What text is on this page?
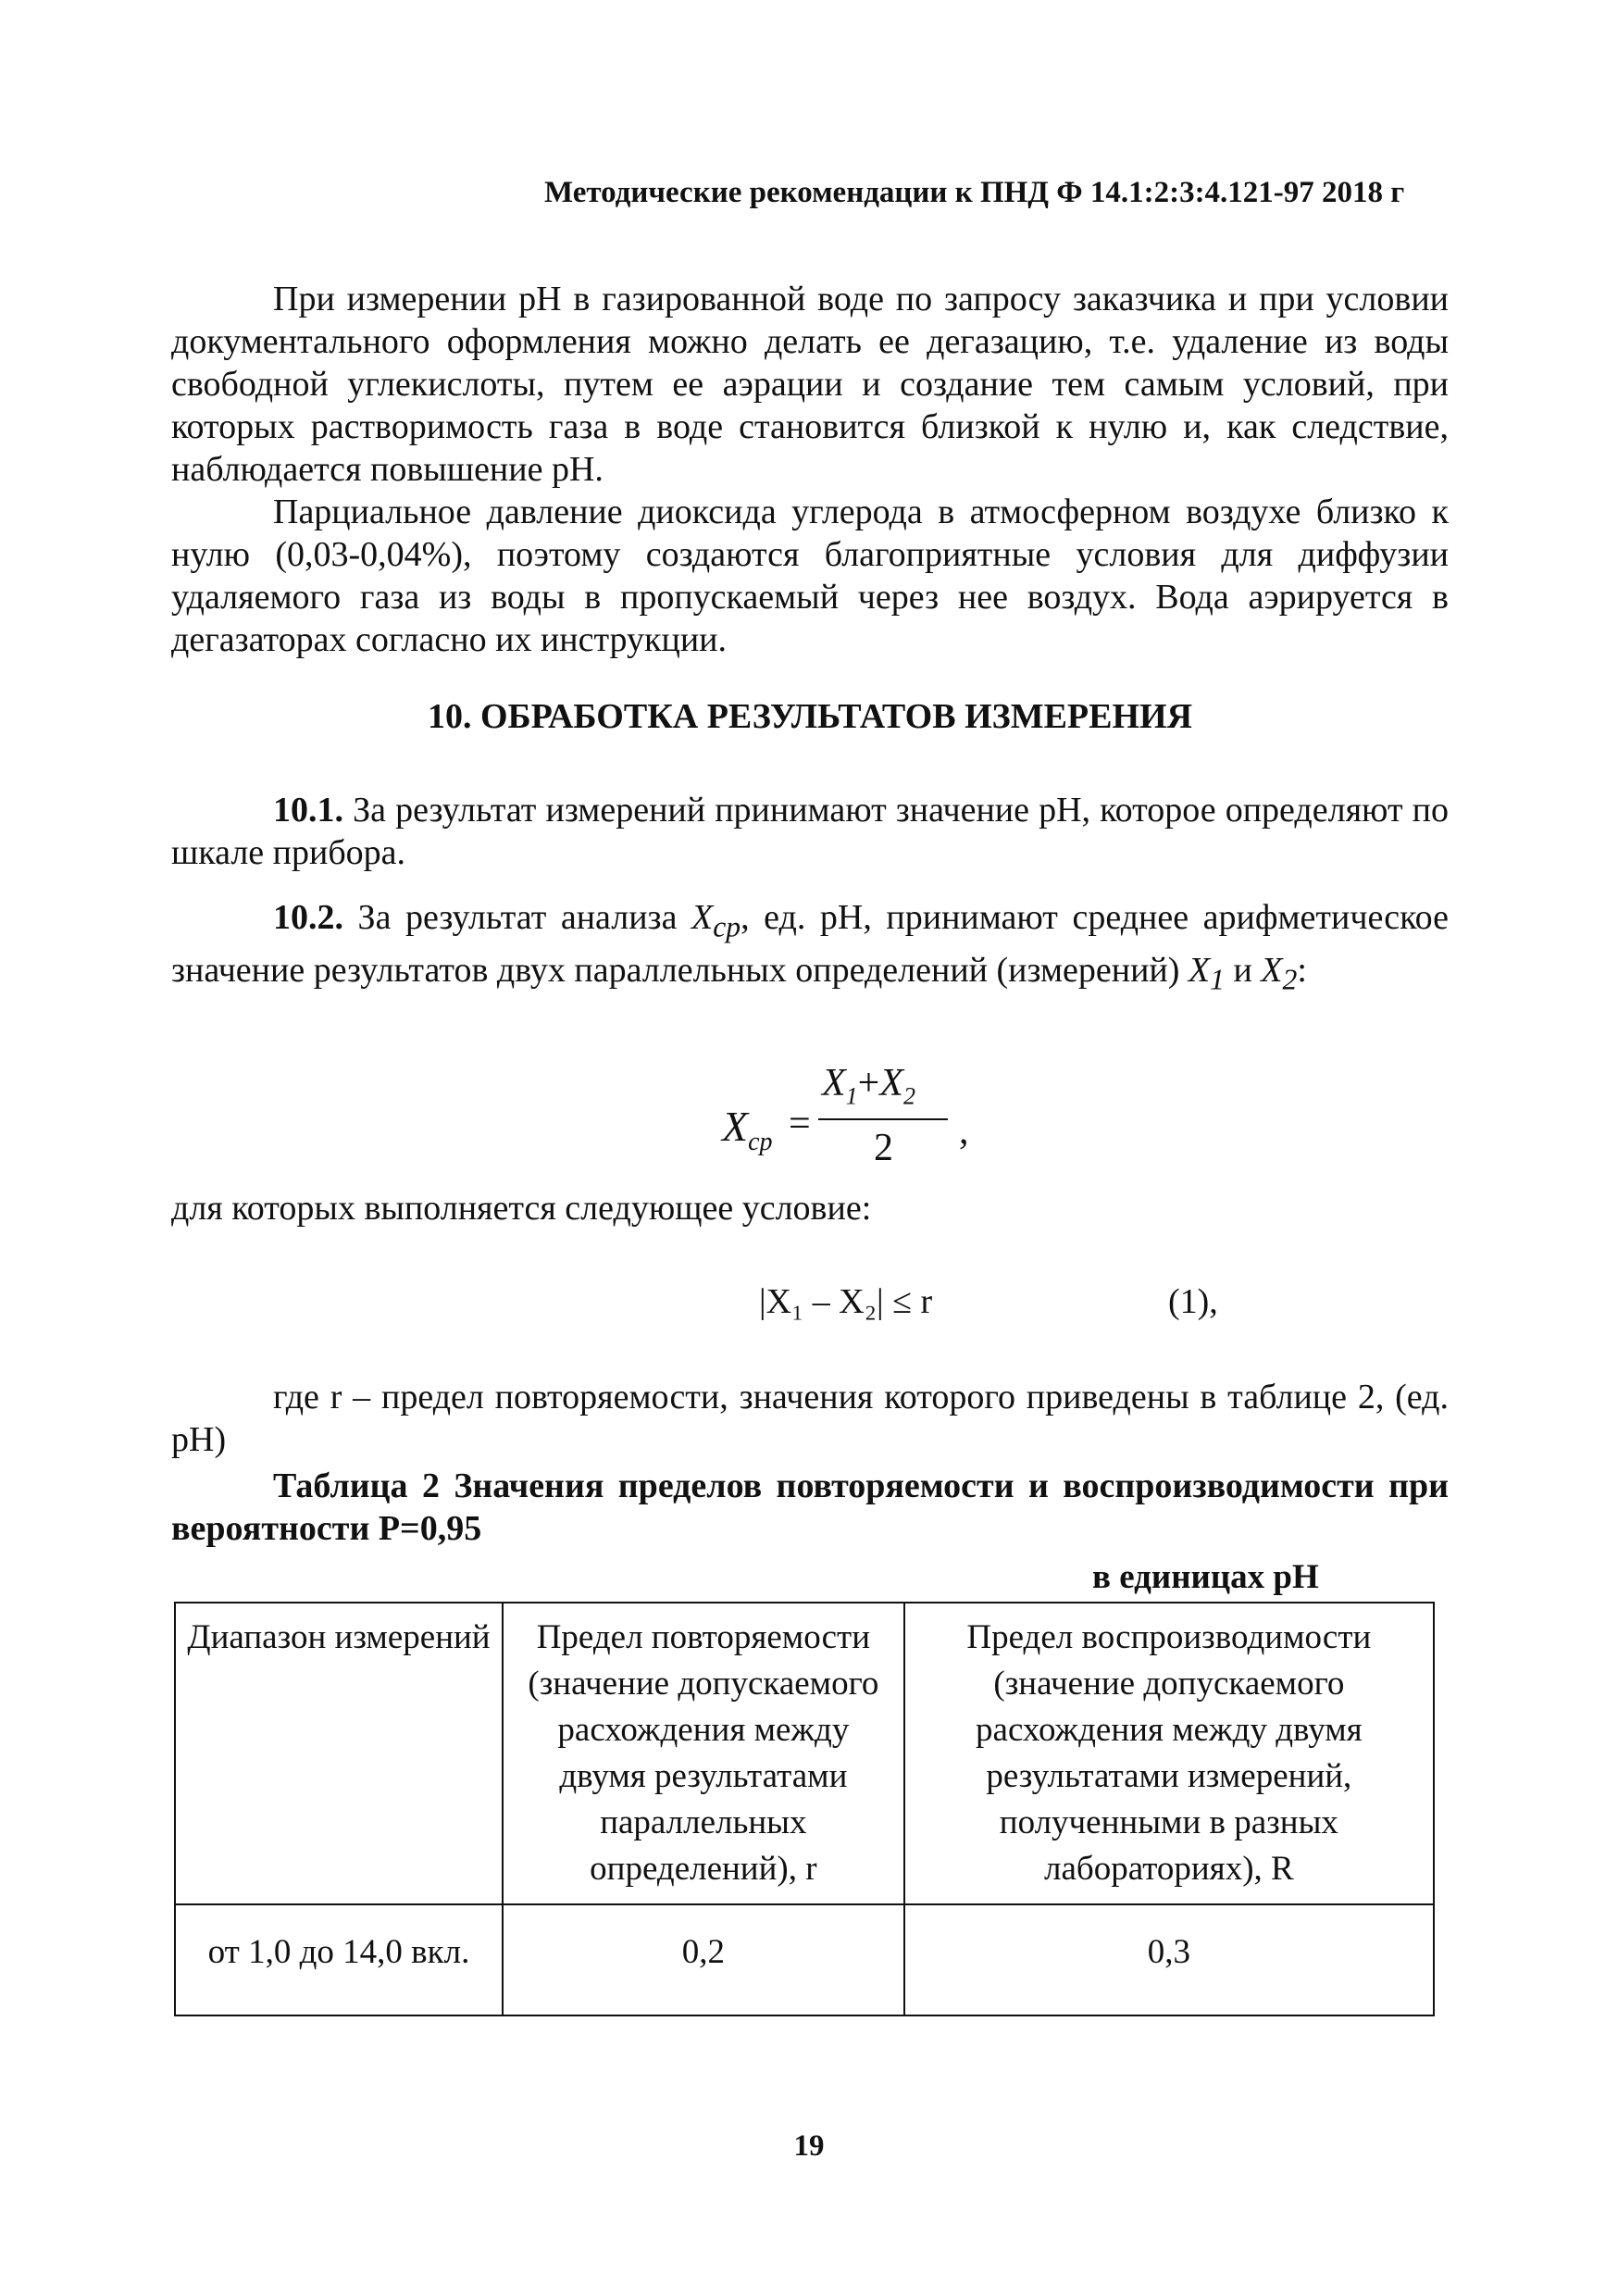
Методические рекомендации к ПНД Ф 14.1:2:3:4.121-97 2018 г

При измерении pH в газированной воде по запросу заказчика и при условии документального оформления можно делать ее дегазацию, т.е. удаление из воды свободной углекислоты, путем ее аэрации и создание тем самым условий, при которых растворимость газа в воде становится близкой к нулю и, как следствие, наблюдается повышение pH.

Парциальное давление диоксида углерода в атмосферном воздухе близко к нулю (0,03-0,04%), поэтому создаются благоприятные условия для диффузии удаляемого газа из воды в пропускаемый через нее воздух. Вода аэрируется в дегазаторах согласно их инструкции.

10. ОБРАБОТКА РЕЗУЛЬТАТОВ ИЗМЕРЕНИЯ

10.1. За результат измерений принимают значение pH, которое определяют по шкале прибора.

10.2. За результат анализа $X_{ср}$, ед. pH, принимают среднее арифметическое значение результатов двух параллельных определений (измерений) $X_1$ и $X_2$:

$X_{ср}$ =
$X_1+X_2$
2 ,
для которых выполняется следующее условие:
|X₁ – X₂| ≤ r	(1),

где r – предел повторяемости, значения которого приведены в таблице 2, (ед. pH)

Таблица 2 Значения пределов повторяемости и воспроизводимости при вероятности P=0,95

в единицах pH
Диапазон измерений	Предел повторяемости (значение допускаемого расхождения между двумя результатами параллельных определений), r	Предел воспроизводимости (значение допускаемого расхождения между двумя результатами измерений, полученными в разных лабораториях), R
от 1,0 до 14,0 вкл.	0,2	0,3
19
